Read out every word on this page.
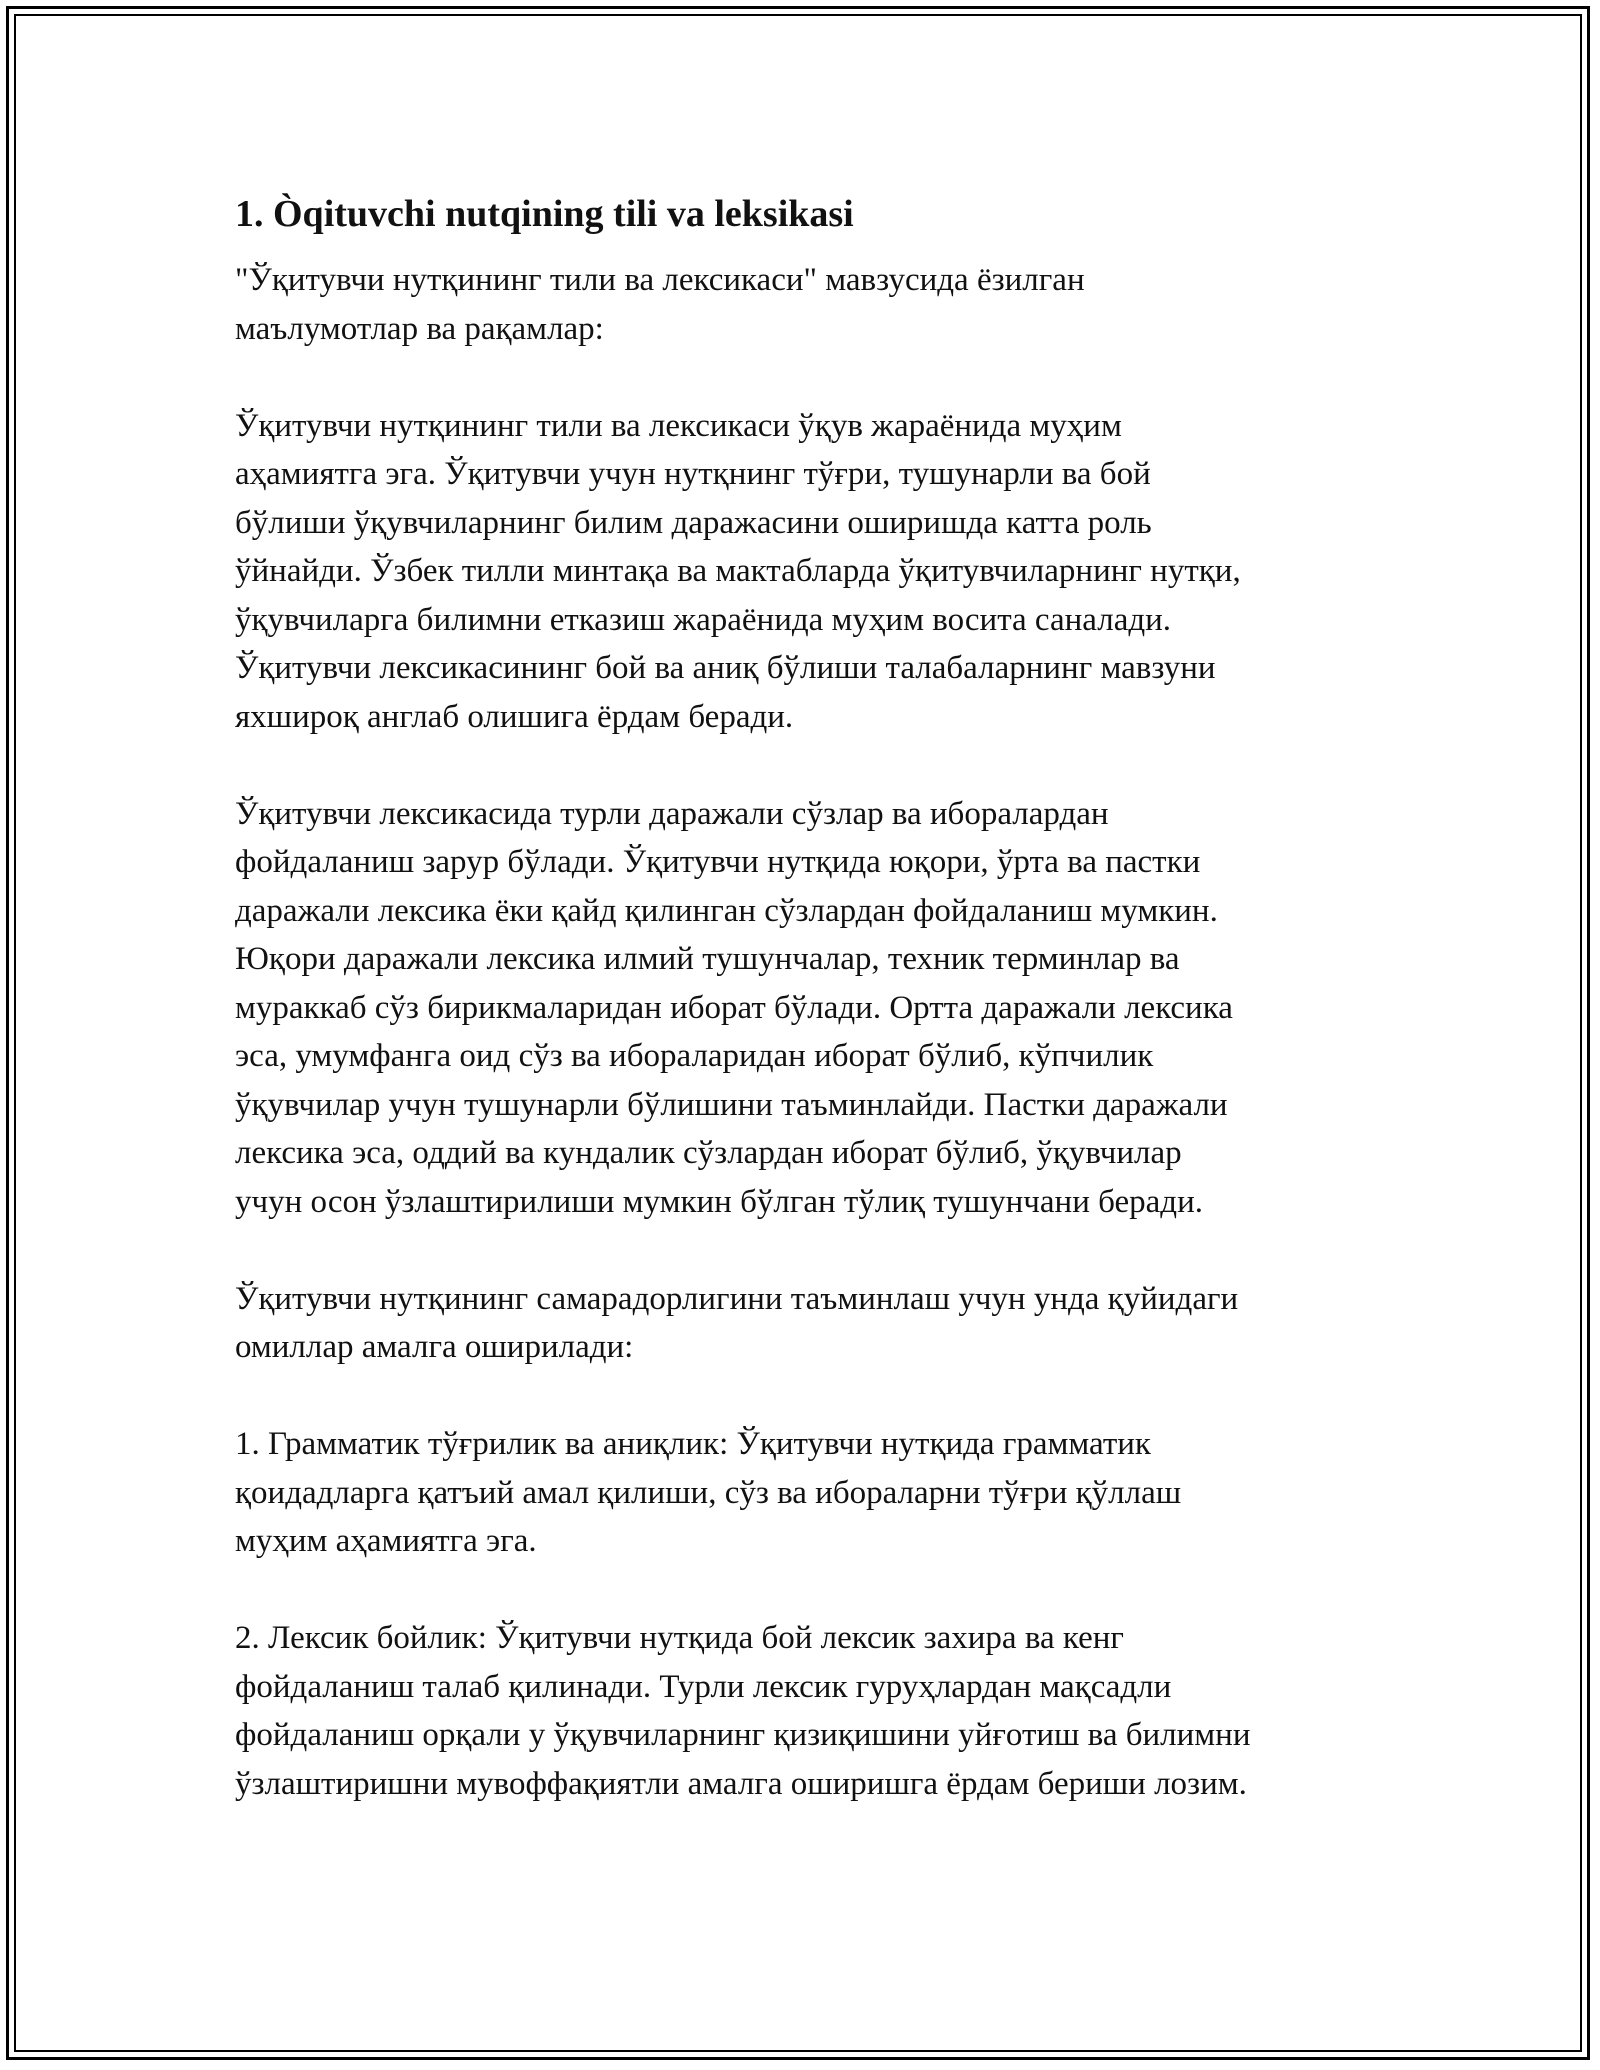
1. Òqituvchi nutqining tili va leksikasi

"Ўқитувчи нутқининг тили ва лексикаси" мавзусида ёзилган
маълумотлар ва рақамлар:

Ўқитувчи нутқининг тили ва лексикаси ўқув жараёнида муҳим
аҳамиятга эга. Ўқитувчи учун нутқнинг тўғри, тушунарли ва бой
бўлиши ўқувчиларнинг билим даражасини оширишда катта роль
ўйнайди. Ўзбек тилли минтақа ва мактабларда ўқитувчиларнинг нутқи,
ўқувчиларга билимни етказиш жараёнида муҳим восита саналади.
Ўқитувчи лексикасининг бой ва аниқ бўлиши талабаларнинг мавзуни
яхшироқ англаб олишига ёрдам беради.

Ўқитувчи лексикасида турли даражали сўзлар ва иборалардан
фойдаланиш зарур бўлади. Ўқитувчи нутқида юқори, ўрта ва пастки
даражали лексика ёки қайд қилинган сўзлардан фойдаланиш мумкин.
Юқори даражали лексика илмий тушунчалар, техник терминлар ва
мураккаб сўз бирикмаларидан иборат бўлади. Ортта даражали лексика
эса, умумфанга оид сўз ва ибораларидан иборат бўлиб, кўпчилик
ўқувчилар учун тушунарли бўлишини таъминлайди. Пастки даражали
лексика эса, оддий ва кундалик сўзлардан иборат бўлиб, ўқувчилар
учун осон ўзлаштирилиши мумкин бўлган тўлиқ тушунчани беради.

Ўқитувчи нутқининг самарадорлигини таъминлаш учун унда қуйидаги
омиллар амалга оширилади:

1. Грамматик тўғрилик ва аниқлик: Ўқитувчи нутқида грамматик
қоидадларга қатъий амал қилиши, сўз ва ибораларни тўғри қўллаш
муҳим аҳамиятга эга.

2. Лексик бойлик: Ўқитувчи нутқида бой лексик захира ва кенг
фойдаланиш талаб қилинади. Турли лексик гуруҳлардан мақсадли
фойдаланиш орқали у ўқувчиларнинг қизиқишини уйғотиш ва билимни
ўзлаштиришни мувоффақиятли амалга оширишга ёрдам бериши лозим.
